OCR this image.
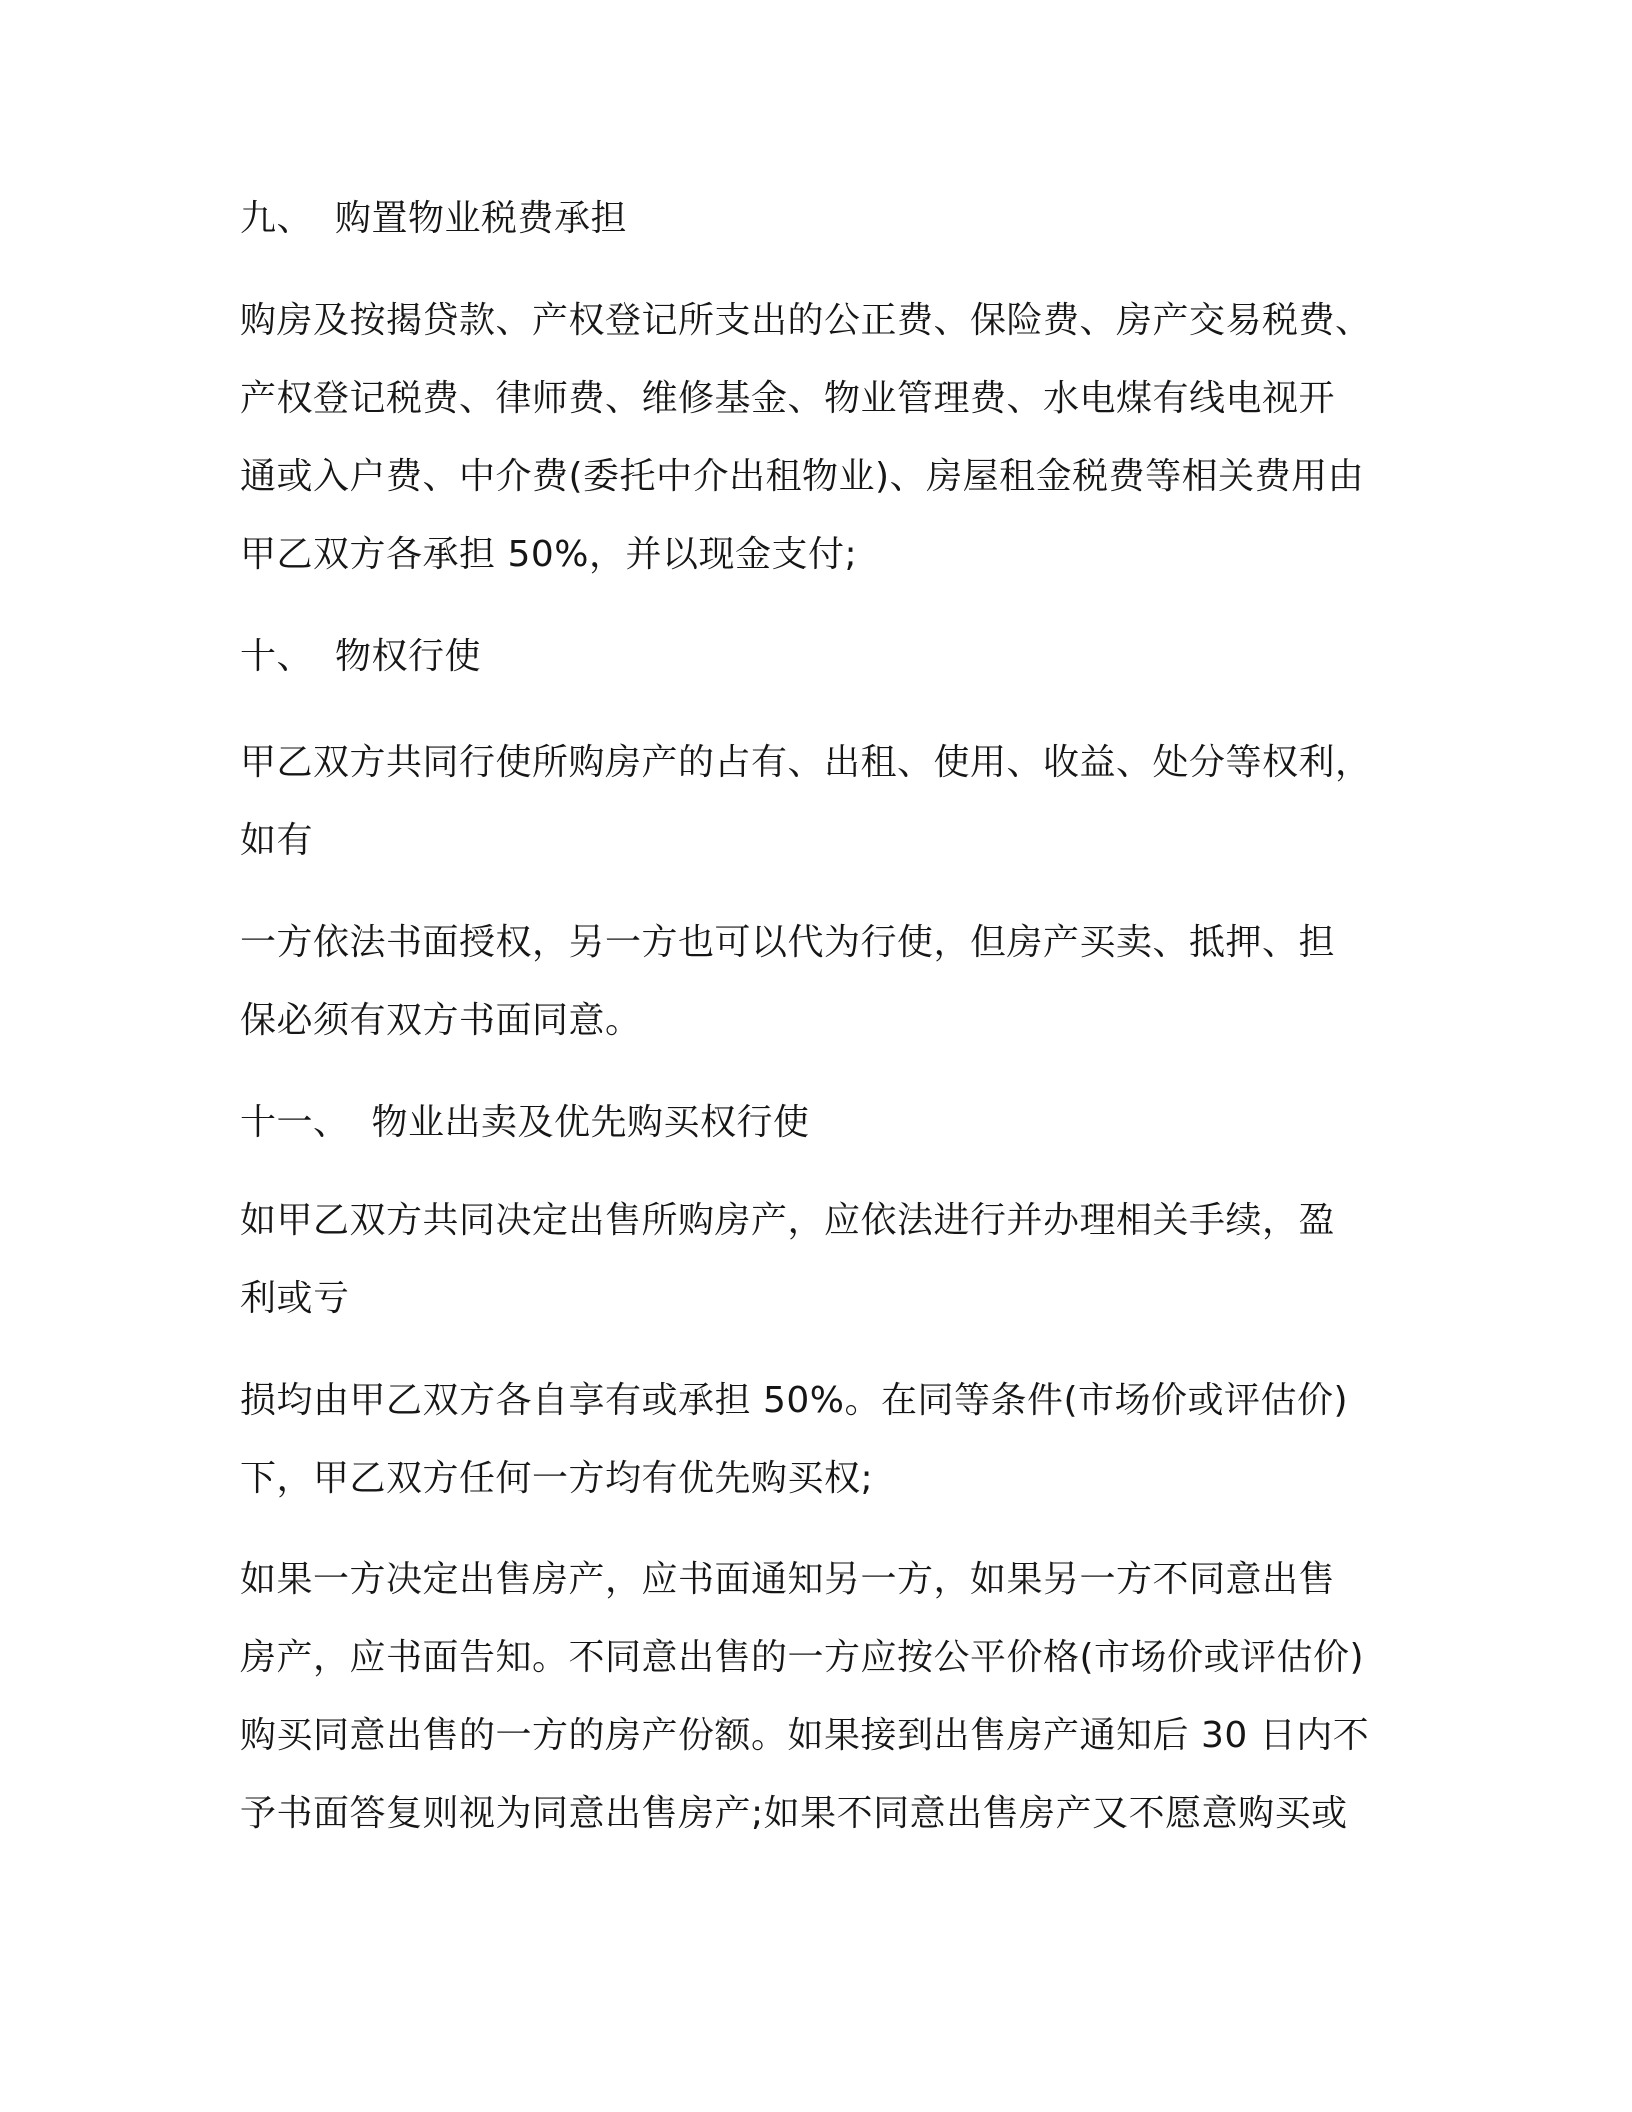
九、 购置物业税费承担
购房及按揭贷款、产权登记所支出的公正费、保险费、房产交易税费、
产权登记税费、律师费、维修基金、物业管理费、水电煤有线电视开
通或入户费、中介费(委托中介出租物业)、房屋租金税费等相关费用由
甲乙双方各承担 50%，并以现金支付;
十、 物权行使
甲乙双方共同行使所购房产的占有、出租、使用、收益、处分等权利，
如有
一方依法书面授权，另一方也可以代为行使，但房产买卖、抵押、担
保必须有双方书面同意。
十一、 物业出卖及优先购买权行使
如甲乙双方共同决定出售所购房产，应依法进行并办理相关手续，盈
利或亏
损均由甲乙双方各自享有或承担 50%。在同等条件(市场价或评估价)
下，甲乙双方任何一方均有优先购买权;
如果一方决定出售房产，应书面通知另一方，如果另一方不同意出售
房产，应书面告知。不同意出售的一方应按公平价格(市场价或评估价)
购买同意出售的一方的房产份额。如果接到出售房产通知后 30 日内不
予书面答复则视为同意出售房产;如果不同意出售房产又不愿意购买或
